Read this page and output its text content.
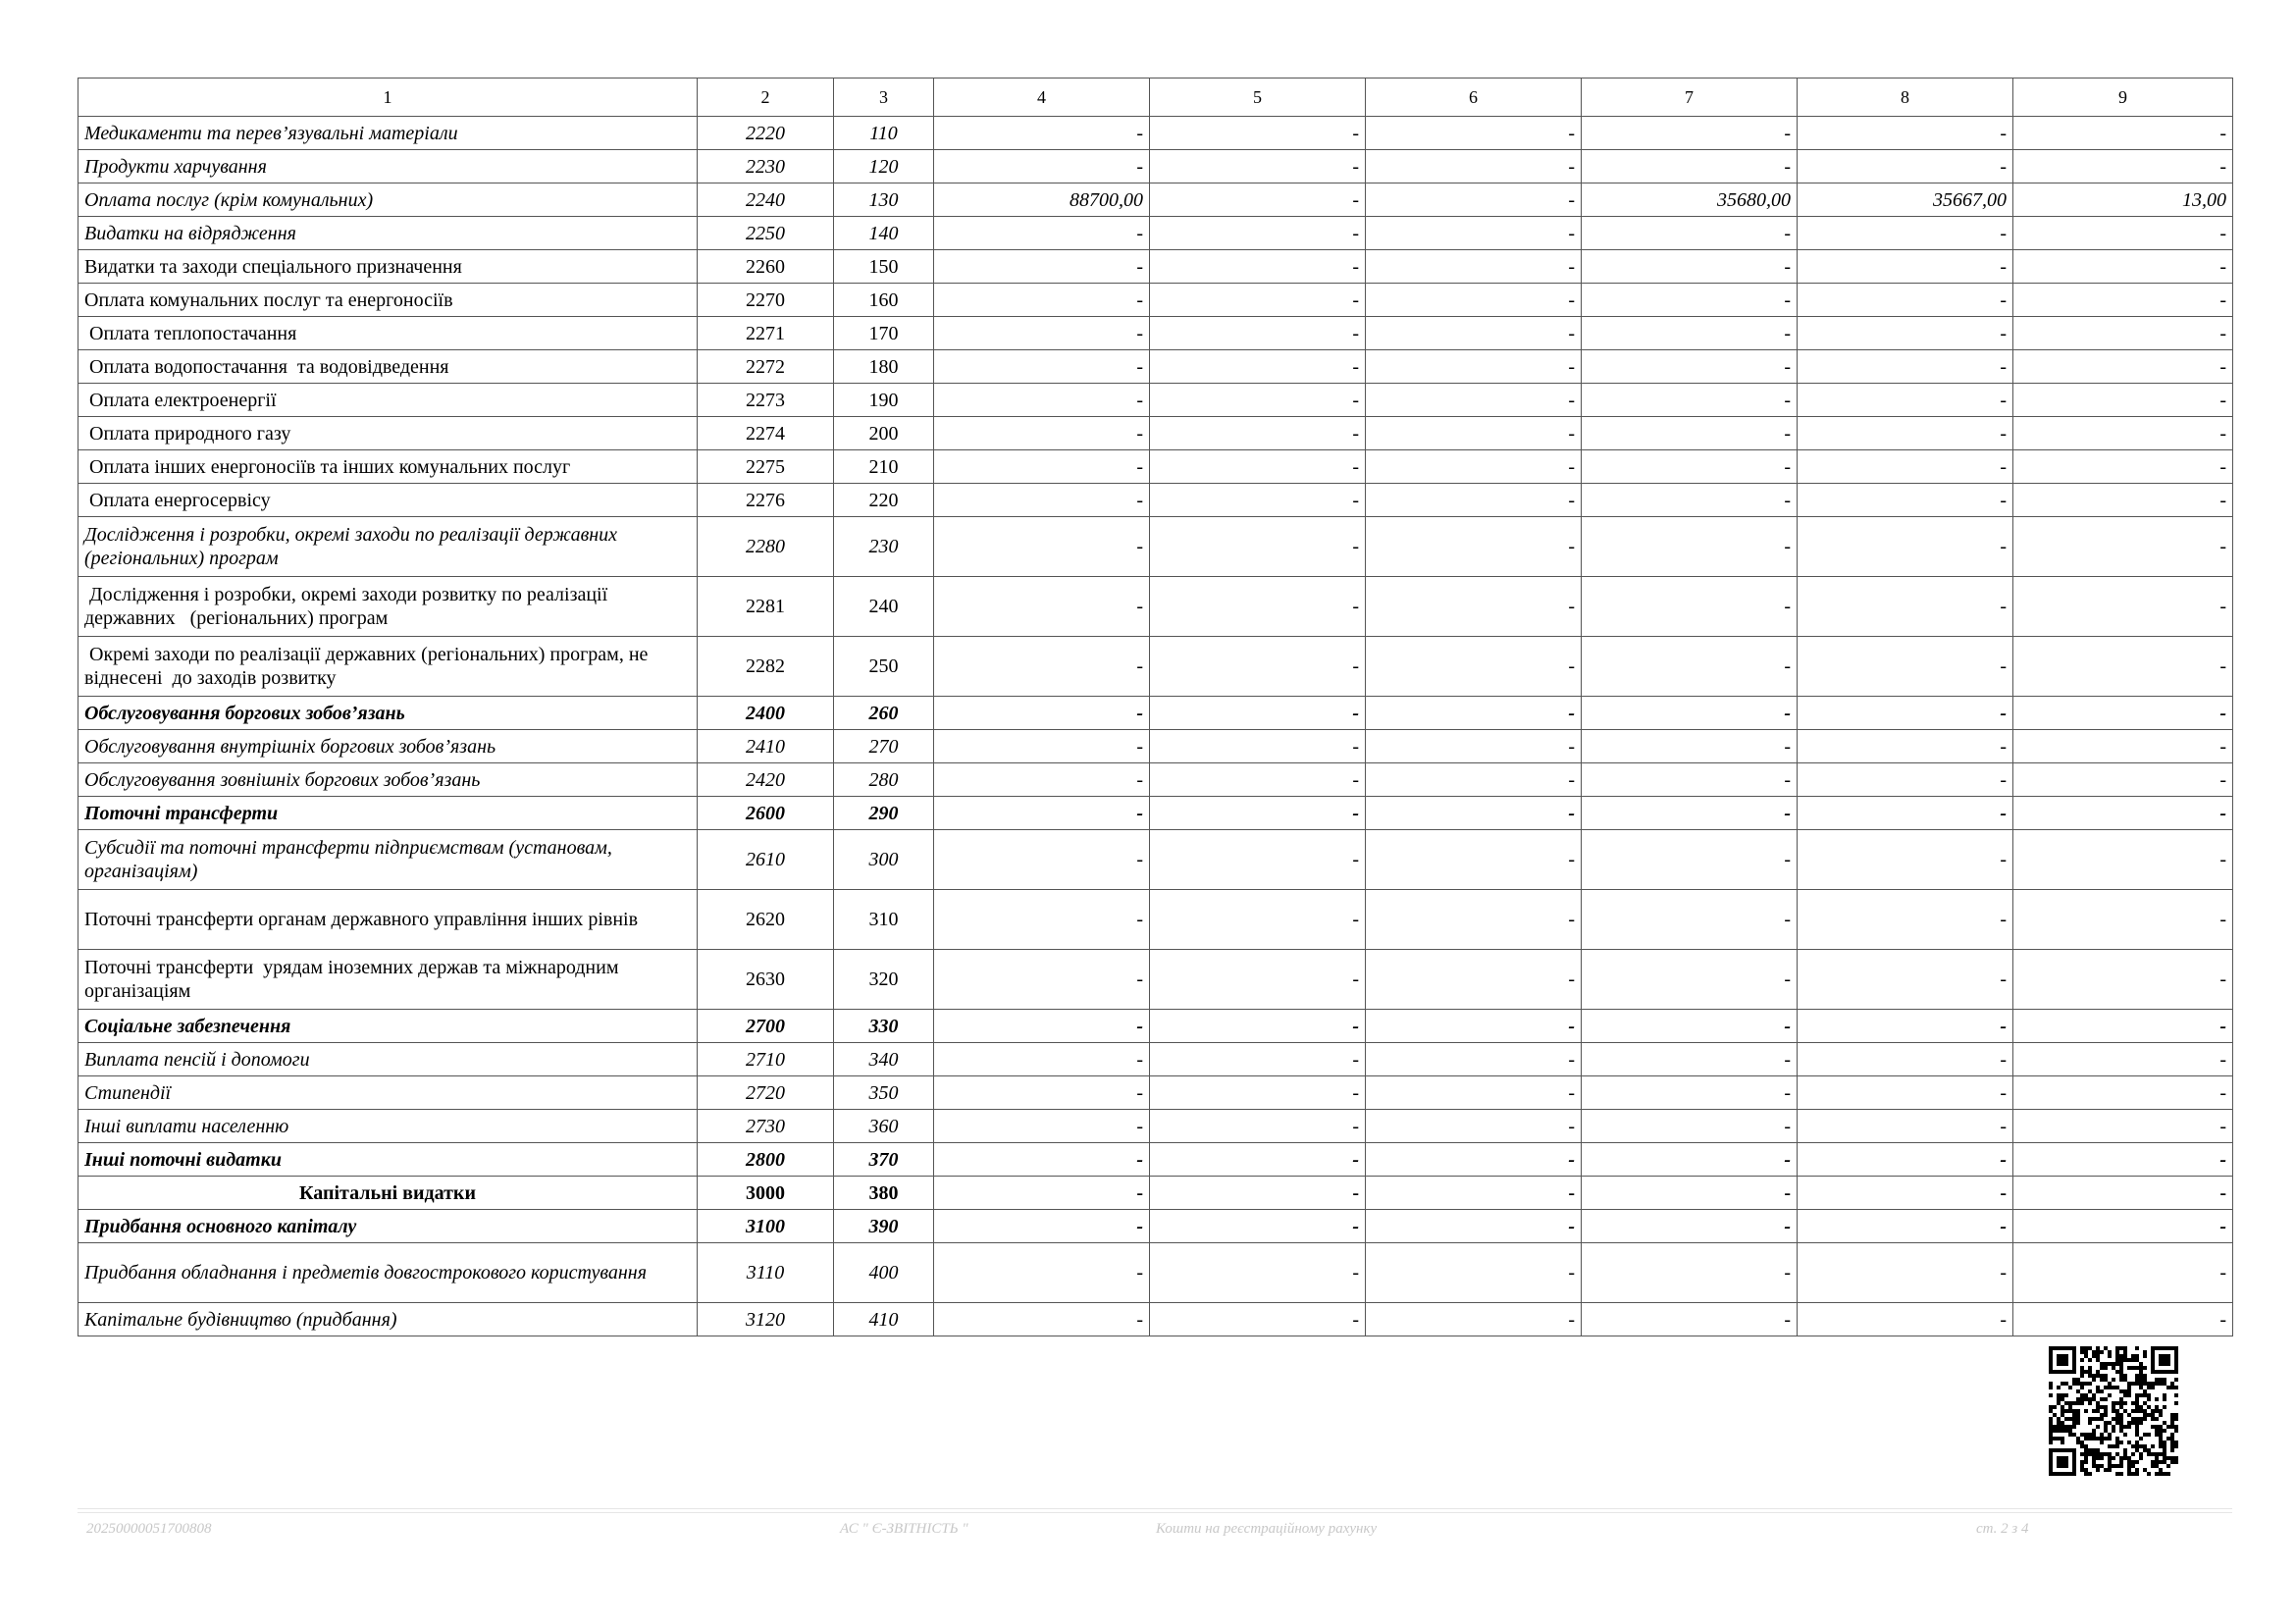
1	2	3	4	5	6	7	8	9
Медикаменти та перев’язувальні матеріали	2220	110	-	-	-	-	-	-
Продукти харчування	2230	120	-	-	-	-	-	-
Оплата послуг (крім комунальних)	2240	130	88700,00	-	-	35680,00	35667,00	13,00
Видатки на відрядження	2250	140	-	-	-	-	-	-
Видатки та заходи спеціального призначення	2260	150	-	-	-	-	-	-
Оплата комунальних послуг та енергоносіїв	2270	160	-	-	-	-	-	-
Оплата теплопостачання	2271	170	-	-	-	-	-	-
Оплата водопостачання  та водовідведення	2272	180	-	-	-	-	-	-
Оплата електроенергії	2273	190	-	-	-	-	-	-
Оплата природного газу	2274	200	-	-	-	-	-	-
Оплата інших енергоносіїв та інших комунальних послуг	2275	210	-	-	-	-	-	-
Оплата енергосервісу	2276	220	-	-	-	-	-	-
Дослідження і розробки, окремі заходи по реалізації державних (регіональних) програм	2280	230	-	-	-	-	-	-
Дослідження і розробки, окремі заходи розвитку по реалізації державних   (регіональних) програм	2281	240	-	-	-	-	-	-
Окремі заходи по реалізації державних (регіональних) програм, не віднесені  до заходів розвитку	2282	250	-	-	-	-	-	-
Обслуговування боргових зобов’язань	2400	260	-	-	-	-	-	-
Обслуговування внутрішніх боргових зобов’язань	2410	270	-	-	-	-	-	-
Обслуговування зовнішніх боргових зобов’язань	2420	280	-	-	-	-	-	-
Поточні трансферти	2600	290	-	-	-	-	-	-
Субсидії та поточні трансферти підприємствам (установам, організаціям)	2610	300	-	-	-	-	-	-
Поточні трансферти органам державного управління інших рівнів	2620	310	-	-	-	-	-	-
Поточні трансферти  урядам іноземних держав та міжнародним організаціям	2630	320	-	-	-	-	-	-
Соціальне забезпечення	2700	330	-	-	-	-	-	-
Виплата пенсій і допомоги	2710	340	-	-	-	-	-	-
Стипендії	2720	350	-	-	-	-	-	-
Інші виплати населенню	2730	360	-	-	-	-	-	-
Інші поточні видатки	2800	370	-	-	-	-	-	-
Капітальні видатки	3000	380	-	-	-	-	-	-
Придбання основного капіталу	3100	390	-	-	-	-	-	-
Придбання обладнання і предметів довгострокового користування	3110	400	-	-	-	-	-	-
Капітальне будівництво (придбання)	3120	410	-	-	-	-	-	-
20250000051700808	АС " Є-ЗВІТНІСТЬ "	Кошти на реєстраційному рахунку	ст. 2 з 4
